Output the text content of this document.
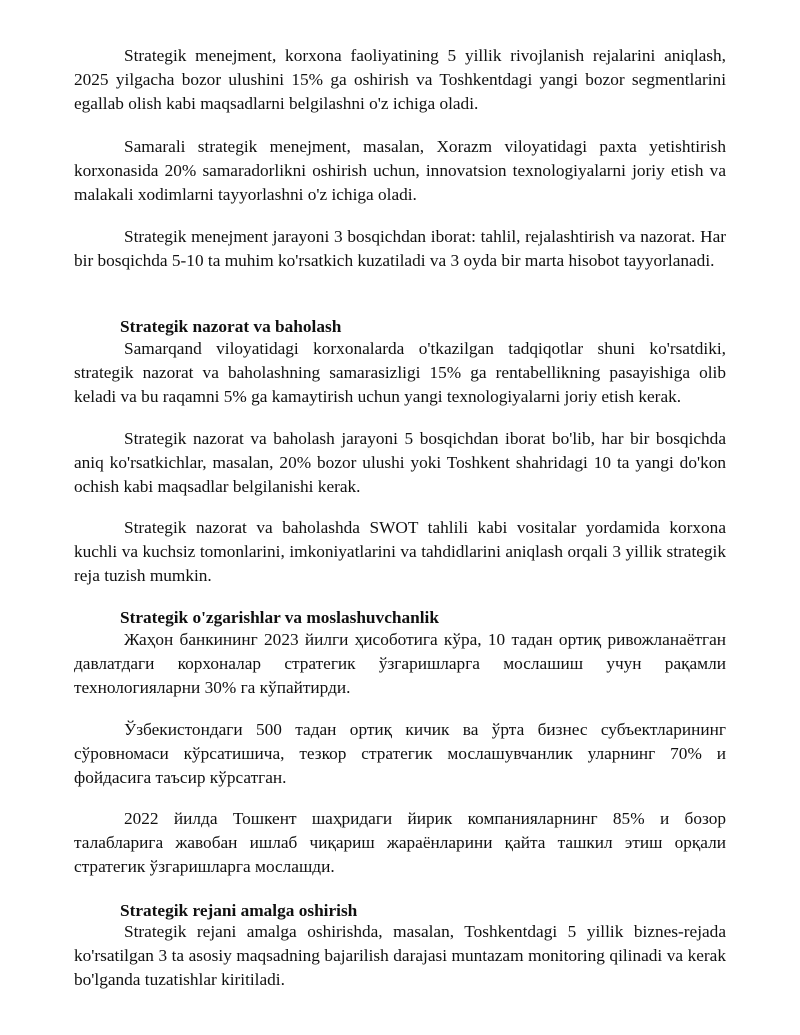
Strategik menejment, korxona faoliyatining 5 yillik rivojlanish rejalarini aniqlash, 2025 yilgacha bozor ulushini 15% ga oshirish va Toshkentdagi yangi bozor segmentlarini egallab olish kabi maqsadlarni belgilashni o'z ichiga oladi.

Samarali strategik menejment, masalan, Xorazm viloyatidagi paxta yetishtirish korxonasida 20% samaradorlikni oshirish uchun, innovatsion texnologiyalarni joriy etish va malakali xodimlarni tayyorlashni o'z ichiga oladi.

Strategik menejment jarayoni 3 bosqichdan iborat: tahlil, rejalashtirish va nazorat. Har bir bosqichda 5-10 ta muhim ko'rsatkich kuzatiladi va 3 oyda bir marta hisobot tayyorlanadi.

Strategik nazorat va baholash

Samarqand viloyatidagi korxonalarda o'tkazilgan tadqiqotlar shuni ko'rsatdiki, strategik nazorat va baholashning samarasizligi 15% ga rentabellikning pasayishiga olib keladi va bu raqamni 5% ga kamaytirish uchun yangi texnologiyalarni joriy etish kerak.

Strategik nazorat va baholash jarayoni 5 bosqichdan iborat bo'lib, har bir bosqichda aniq ko'rsatkichlar, masalan, 20% bozor ulushi yoki Toshkent shahridagi 10 ta yangi do'kon ochish kabi maqsadlar belgilanishi kerak.

Strategik nazorat va baholashda SWOT tahlili kabi vositalar yordamida korxona kuchli va kuchsiz tomonlarini, imkoniyatlarini va tahdidlarini aniqlash orqali 3 yillik strategik reja tuzish mumkin.

Strategik o'zgarishlar va moslashuvchanlik

Жаҳон банкининг 2023 йилги ҳисоботига кўра, 10 тадан ортиқ ривожланаётган давлатдаги корхоналар стратегик ўзгаришларга мослашиш учун рақамли технологияларни 30% га кўпайтирди.

Ўзбекистондаги 500 тадан ортиқ кичик ва ўрта бизнес субъектларининг сўровномаси кўрсатишича, тезкор стратегик мослашувчанлик уларнинг 70% и фойдасига таъсир кўрсатган.

2022 йилда Тошкент шаҳридаги йирик компанияларнинг 85% и бозор талабларига жавобан ишлаб чиқариш жараёнларини қайта ташкил этиш орқали стратегик ўзгаришларга мослашди.

Strategik rejani amalga oshirish

Strategik rejani amalga oshirishda, masalan, Toshkentdagi 5 yillik biznes-rejada ko'rsatilgan 3 ta asosiy maqsadning bajarilish darajasi muntazam monitoring qilinadi va kerak bo'lganda tuzatishlar kiritiladi.
